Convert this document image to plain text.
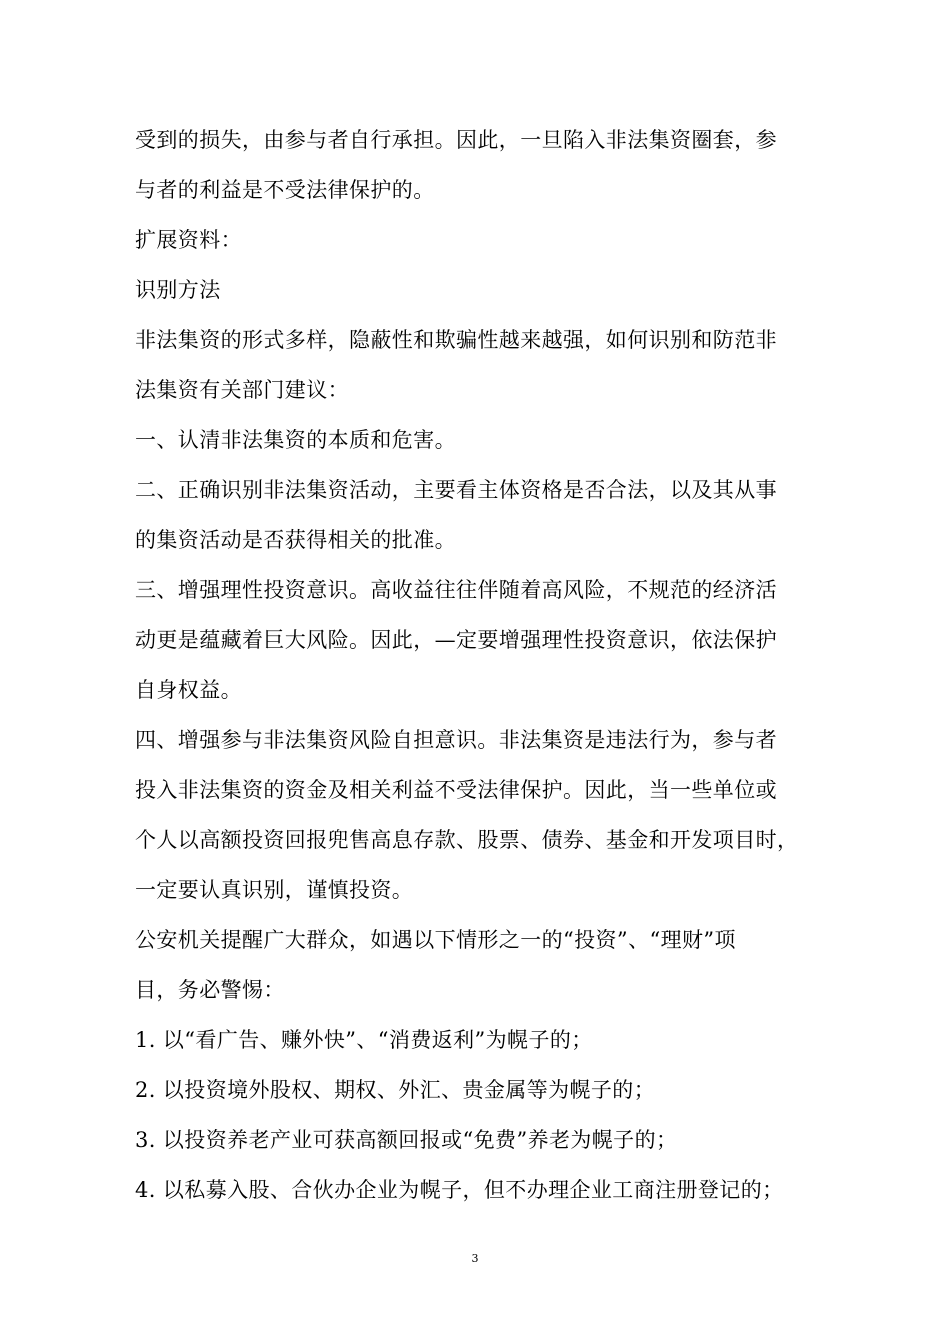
受到的损失，由参与者自行承担。因此，一旦陷入非法集资圈套，参
与者的利益是不受法律保护的。
扩展资料：
识别方法
非法集资的形式多样，隐蔽性和欺骗性越来越强，如何识别和防范非
法集资有关部门建议：
一、认清非法集资的本质和危害。
二、正确识别非法集资活动，主要看主体资格是否合法，以及其从事
的集资活动是否获得相关的批准。
三、增强理性投资意识。高收益往往伴随着高风险，不规范的经济活
动更是蕴藏着巨大风险。因此，—定要增强理性投资意识，依法保护
自身权益。
四、增强参与非法集资风险自担意识。非法集资是违法行为，参与者
投入非法集资的资金及相关利益不受法律保护。因此，当一些单位或
个人以高额投资回报兜售高息存款、股票、债券、基金和开发项目时，
一定要认真识别，谨慎投资。
公安机关提醒广大群众，如遇以下情形之一的“投资”、“理财”项
目，务必警惕：
1. 以“看广告、赚外快”、“消费返利”为幌子的；
2. 以投资境外股权、期权、外汇、贵金属等为幌子的；
3. 以投资养老产业可获高额回报或“免费”养老为幌子的；
4. 以私募入股、合伙办企业为幌子，但不办理企业工商注册登记的；
3
